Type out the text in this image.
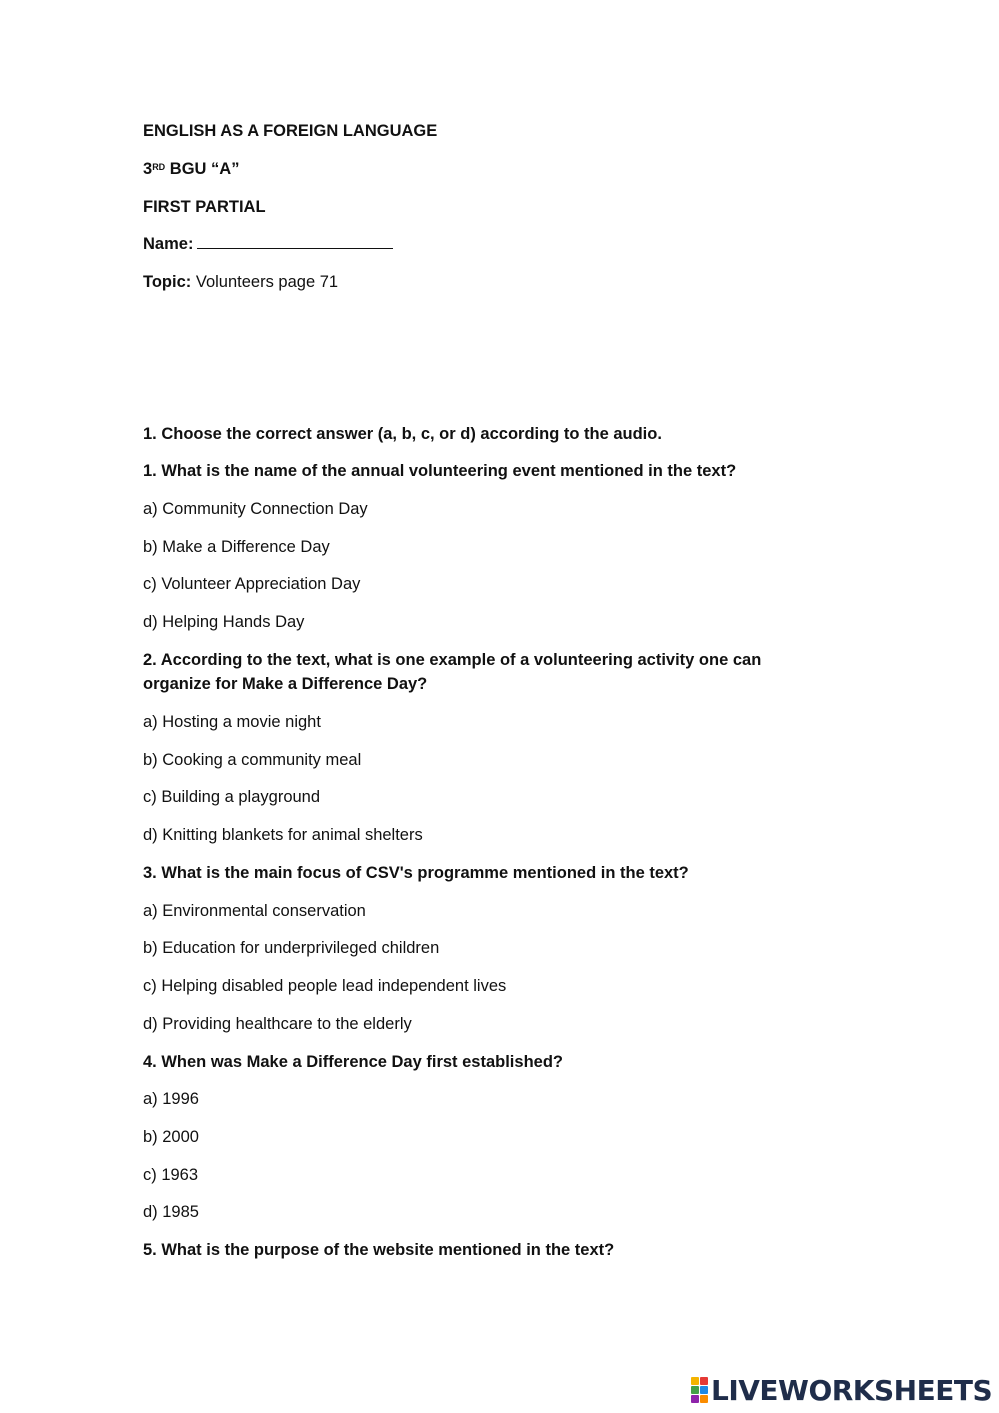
ENGLISH AS A FOREIGN LANGUAGE
3RD BGU “A”
FIRST PARTIAL
Name:
Topic: Volunteers page 71
1. Choose the correct answer (a, b, c, or d) according to the audio.
1. What is the name of the annual volunteering event mentioned in the text?
a) Community Connection Day
b) Make a Difference Day
c) Volunteer Appreciation Day
d) Helping Hands Day
2. According to the text, what is one example of a volunteering activity one can organize for Make a Difference Day?
a) Hosting a movie night
b) Cooking a community meal
c) Building a playground
d) Knitting blankets for animal shelters
3. What is the main focus of CSV's programme mentioned in the text?
a) Environmental conservation
b) Education for underprivileged children
c) Helping disabled people lead independent lives
d) Providing healthcare to the elderly
4. When was Make a Difference Day first established?
a) 1996
b) 2000
c) 1963
d) 1985
5. What is the purpose of the website mentioned in the text?
LIVEWORKSHEETS
